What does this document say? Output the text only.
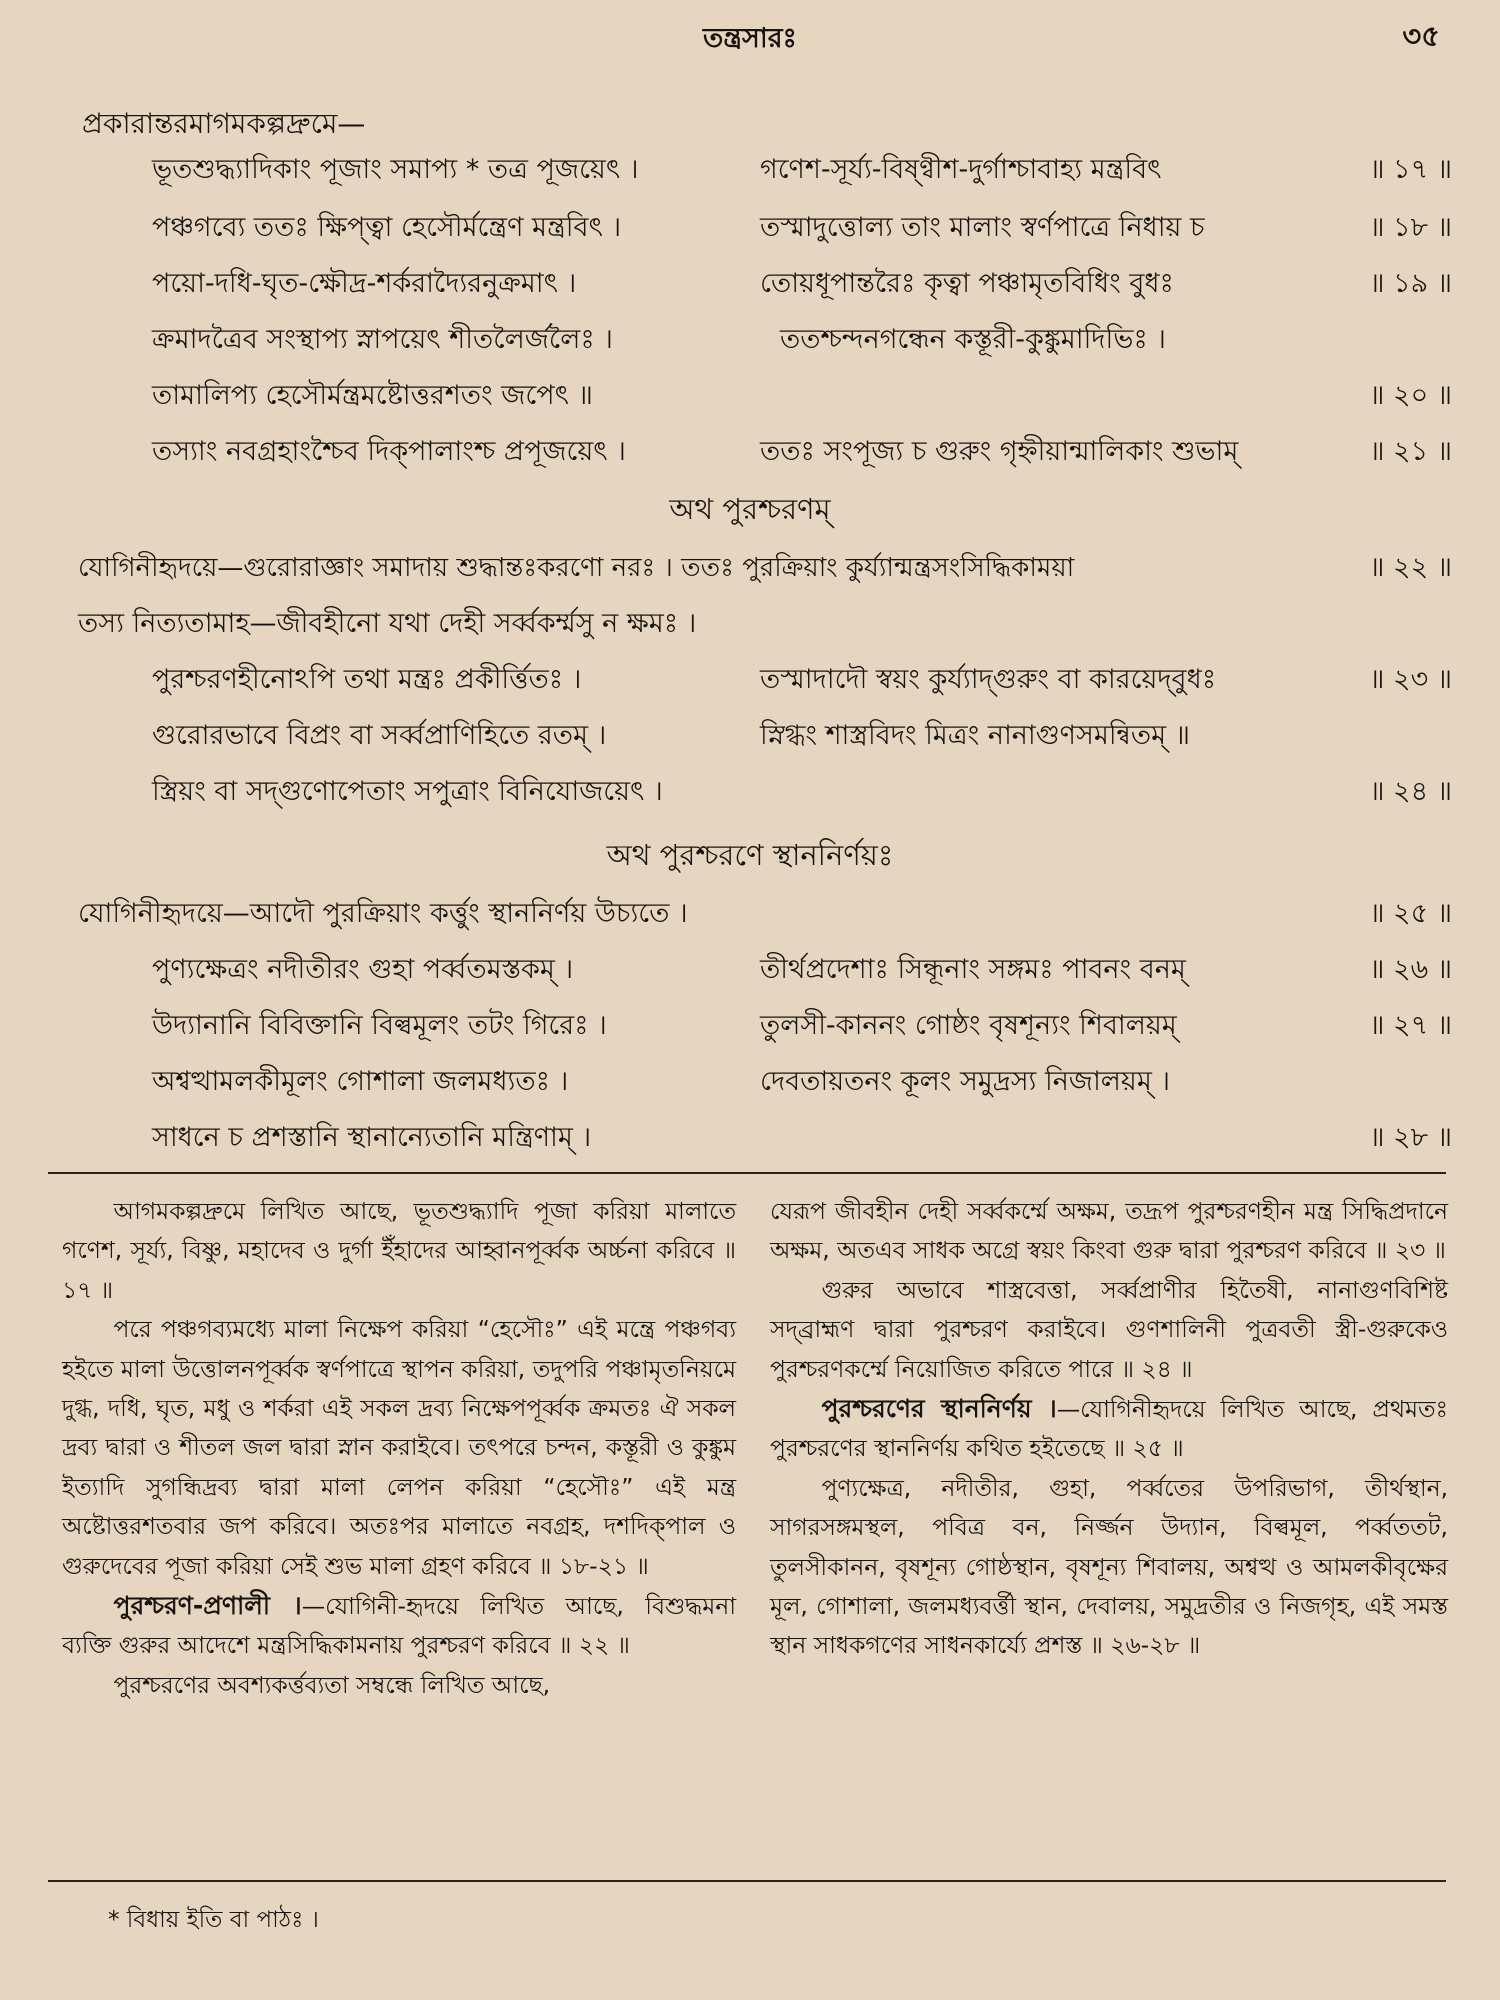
তন্ত্রসারঃ	৩৫
প্রকারান্তরমাগমকল্পদ্রুমে—
ভূতশুদ্ধ্যাদিকাং পূজাং সমাপ্য * তত্র পূজয়েৎ ।	গণেশ-সূর্য্য-বিষ্ণ্বীশ-দুর্গাশ্চাবাহ্য মন্ত্রবিৎ	॥ ১৭ ॥
পঞ্চগব্যে ততঃ ক্ষিপ্‌ত্বা হেসৌর্মন্ত্রেণ মন্ত্রবিৎ ।	তস্মাদুত্তোল্য তাং মালাং স্বর্ণপাত্রে নিধায় চ	॥ ১৮ ॥
পয়ো-দধি-ঘৃত-ক্ষৌদ্র-শর্করাদ্যৈরনুক্রমাৎ ।	তোয়ধূপান্তরৈঃ কৃত্বা পঞ্চামৃতবিধিং বুধঃ	॥ ১৯ ॥
ক্রমাদত্রৈব সংস্থাপ্য স্নাপয়েৎ শীতলৈর্জলৈঃ ।	ততশ্চন্দনগন্ধেন কস্তূরী-কুঙ্কুমাদিভিঃ ।
তামালিপ্য হেসৌর্মন্ত্রমষ্টোত্তরশতং জপেৎ ॥	॥ ২০ ॥
তস্যাং নবগ্রহাংশ্চৈব দিক্‌পালাংশ্চ প্রপূজয়েৎ ।	ততঃ সংপূজ্য চ গুরুং গৃহ্নীয়ান্মালিকাং শুভাম্‌	॥ ২১ ॥
অথ পুরশ্চরণম্‌
যোগিনীহৃদয়ে—গুরোরাজ্ঞাং সমাদায় শুদ্ধান্তঃকরণো নরঃ । ততঃ পুরক্রিয়াং কুর্য্যান্মন্ত্রসংসিদ্ধিকাময়া	॥ ২২ ॥
তস্য নিত্যতামাহ—জীবহীনো যথা দেহী সর্ব্বকর্ম্মসু ন ক্ষমঃ ।
পুরশ্চরণহীনোঽপি তথা মন্ত্রঃ প্রকীর্ত্তিতঃ ।	তস্মাদাদৌ স্বয়ং কুর্য্যাদ্‌গুরুং বা কারয়েদ্‌বুধঃ	॥ ২৩ ॥
গুরোরভাবে বিপ্রং বা সর্ব্বপ্রাণিহিতে রতম্‌ ।	স্নিগ্ধং শাস্ত্রবিদং মিত্রং নানাগুণসমন্বিতম্‌ ॥
স্ত্রিয়ং বা সদ্‌গুণোপেতাং সপুত্রাং বিনিযোজয়েৎ ।	॥ ২৪ ॥
অথ পুরশ্চরণে স্থাননির্ণয়ঃ
যোগিনীহৃদয়ে—আদৌ পুরক্রিয়াং কর্ত্তুং স্থাননির্ণয় উচ্যতে ।	॥ ২৫ ॥
পুণ্যক্ষেত্রং নদীতীরং গুহা পর্ব্বতমস্তকম্‌ ।	তীর্থপ্রদেশাঃ সিন্ধূনাং সঙ্গমঃ পাবনং বনম্‌	॥ ২৬ ॥
উদ্যানানি বিবিক্তানি বিল্বমূলং তটং গিরেঃ ।	তুলসী-কাননং গোষ্ঠং বৃষশূন্যং শিবালয়ম্‌	॥ ২৭ ॥
অশ্বত্থামলকীমূলং গোশালা জলমধ্যতঃ ।	দেবতায়তনং কূলং সমুদ্রস্য নিজালয়ম্‌ ।
সাধনে চ প্রশস্তানি স্থানান্যেতানি মন্ত্রিণাম্‌ ।	॥ ২৮ ॥

আগমকল্পদ্রুমে লিখিত আছে, ভূতশুদ্ধ্যাদি পূজা করিয়া মালাতে গণেশ, সূর্য্য, বিষ্ণু, মহাদেব ও দুর্গা ইঁহাদের আহ্বানপূর্ব্বক অর্চ্চনা করিবে ॥ ১৭ ॥

পরে পঞ্চগব্যমধ্যে মালা নিক্ষেপ করিয়া “হেসৌঃ” এই মন্ত্রে পঞ্চগব্য হইতে মালা উত্তোলনপূর্ব্বক স্বর্ণপাত্রে স্থাপন করিয়া, তদুপরি পঞ্চামৃতনিয়মে দুগ্ধ, দধি, ঘৃত, মধু ও শর্করা এই সকল দ্রব্য নিক্ষেপপূর্ব্বক ক্রমতঃ ঐ সকল দ্রব্য দ্বারা ও শীতল জল দ্বারা স্নান করাইবে। তৎপরে চন্দন, কস্তূরী ও কুঙ্কুম ইত্যাদি সুগন্ধিদ্রব্য দ্বারা মালা লেপন করিয়া “হেসৌঃ” এই মন্ত্র অষ্টোত্তরশতবার জপ করিবে। অতঃপর মালাতে নবগ্রহ, দশদিক্‌পাল ও গুরুদেবের পূজা করিয়া সেই শুভ মালা গ্রহণ করিবে ॥ ১৮-২১ ॥

পুরশ্চরণ-প্রণালী ।—যোগিনী-হৃদয়ে লিখিত আছে, বিশুদ্ধমনা ব্যক্তি গুরুর আদেশে মন্ত্রসিদ্ধিকামনায় পুরশ্চরণ করিবে ॥ ২২ ॥

পুরশ্চরণের অবশ্যকর্ত্তব্যতা সম্বন্ধে লিখিত আছে,

যেরূপ জীবহীন দেহী সর্ব্বকর্ম্মে অক্ষম, তদ্রূপ পুরশ্চরণহীন মন্ত্র সিদ্ধিপ্রদানে অক্ষম, অতএব সাধক অগ্রে স্বয়ং কিংবা গুরু দ্বারা পুরশ্চরণ করিবে ॥ ২৩ ॥

গুরুর অভাবে শাস্ত্রবেত্তা, সর্ব্বপ্রাণীর হিতৈষী, নানাগুণবিশিষ্ট সদ্‌ব্রাহ্মণ দ্বারা পুরশ্চরণ করাইবে। গুণশালিনী পুত্রবতী স্ত্রী-গুরুকেও পুরশ্চরণকর্ম্মে নিয়োজিত করিতে পারে ॥ ২৪ ॥

পুরশ্চরণের স্থাননির্ণয় ।—যোগিনীহৃদয়ে লিখিত আছে, প্রথমতঃ পুরশ্চরণের স্থাননির্ণয় কথিত হইতেছে ॥ ২৫ ॥

পুণ্যক্ষেত্র, নদীতীর, গুহা, পর্ব্বতের উপরিভাগ, তীর্থস্থান, সাগরসঙ্গমস্থল, পবিত্র বন, নির্জ্জন উদ্যান, বিল্বমূল, পর্ব্বততট, তুলসীকানন, বৃষশূন্য গোষ্ঠস্থান, বৃষশূন্য শিবালয়, অশ্বত্থ ও আমলকীবৃক্ষের মূল, গোশালা, জলমধ্যবর্ত্তী স্থান, দেবালয়, সমুদ্রতীর ও নিজগৃহ, এই সমস্ত স্থান সাধকগণের সাধনকার্য্যে প্রশস্ত ॥ ২৬-২৮ ॥

* বিধায় ইতি বা পাঠঃ ।
